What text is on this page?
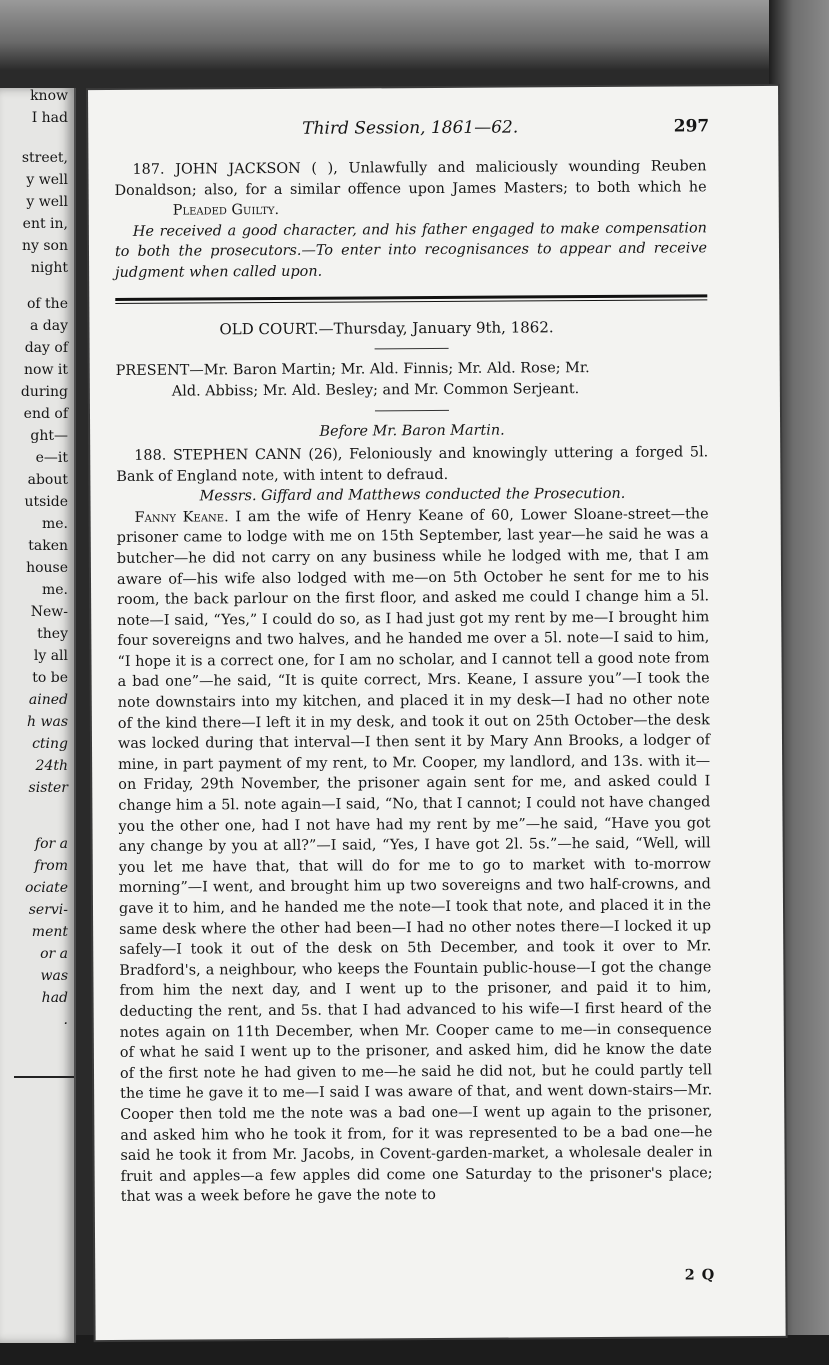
know
I had
street,
y well
y well
ent in,
ny son
night
of the
a day
day of
now it
during
end of
ght—
e—it
about
utside
me.
taken
house
me.
New-
they
ly all
to be
ained
h was
cting
24th
sister
for a
from
ociate
servi-
ment
or a
was
had
.
Third Session, 1861—62.	297

187. JOHN JACKSON ( ), Unlawfully and maliciously wounding Reuben Donaldson; also, for a similar offence upon James Masters; to both which he Pleaded Guilty.

He received a good character, and his father engaged to make compensation to both the prosecutors.—To enter into recognisances to appear and receive judgment when called upon.

OLD COURT.—Thursday, January 9th, 1862.

PRESENT—Mr. Baron Martin; Mr. Ald. Finnis; Mr. Ald. Rose; Mr.
Ald. Abbiss; Mr. Ald. Besley; and Mr. Common Serjeant.

Before Mr. Baron Martin.

188. STEPHEN CANN (26), Feloniously and knowingly uttering a forged 5l. Bank of England note, with intent to defraud.

Messrs. Giffard and Matthews conducted the Prosecution.

Fanny Keane. I am the wife of Henry Keane of 60, Lower Sloane-street—the prisoner came to lodge with me on 15th September, last year—he said he was a butcher—he did not carry on any business while he lodged with me, that I am aware of—his wife also lodged with me—on 5th October he sent for me to his room, the back parlour on the first floor, and asked me could I change him a 5l. note—I said, “Yes,” I could do so, as I had just got my rent by me—I brought him four sovereigns and two halves, and he handed me over a 5l. note—I said to him, “I hope it is a correct one, for I am no scholar, and I cannot tell a good note from a bad one”—he said, “It is quite correct, Mrs. Keane, I assure you”—I took the note downstairs into my kitchen, and placed it in my desk—I had no other note of the kind there—I left it in my desk, and took it out on 25th October—the desk was locked during that interval—I then sent it by Mary Ann Brooks, a lodger of mine, in part payment of my rent, to Mr. Cooper, my landlord, and 13s. with it—on Friday, 29th November, the prisoner again sent for me, and asked could I change him a 5l. note again—I said, “No, that I cannot; I could not have changed you the other one, had I not have had my rent by me”—he said, “Have you got any change by you at all?”—I said, “Yes, I have got 2l. 5s.”—he said, “Well, will you let me have that, that will do for me to go to market with to-morrow morning”—I went, and brought him up two sovereigns and two half-crowns, and gave it to him, and he handed me the note—I took that note, and placed it in the same desk where the other had been—I had no other notes there—I locked it up safely—I took it out of the desk on 5th December, and took it over to Mr. Bradford's, a neighbour, who keeps the Fountain public-house—I got the change from him the next day, and I went up to the prisoner, and paid it to him, deducting the rent, and 5s. that I had advanced to his wife—I first heard of the notes again on 11th December, when Mr. Cooper came to me—in consequence of what he said I went up to the prisoner, and asked him, did he know the date of the first note he had given to me—he said he did not, but he could partly tell the time he gave it to me—I said I was aware of that, and went down-stairs—Mr. Cooper then told me the note was a bad one—I went up again to the prisoner, and asked him who he took it from, for it was represented to be a bad one—he said he took it from Mr. Jacobs, in Covent-garden-market, a wholesale dealer in fruit and apples—a few apples did come one Saturday to the prisoner's place; that was a week before he gave the note to

2 Q
